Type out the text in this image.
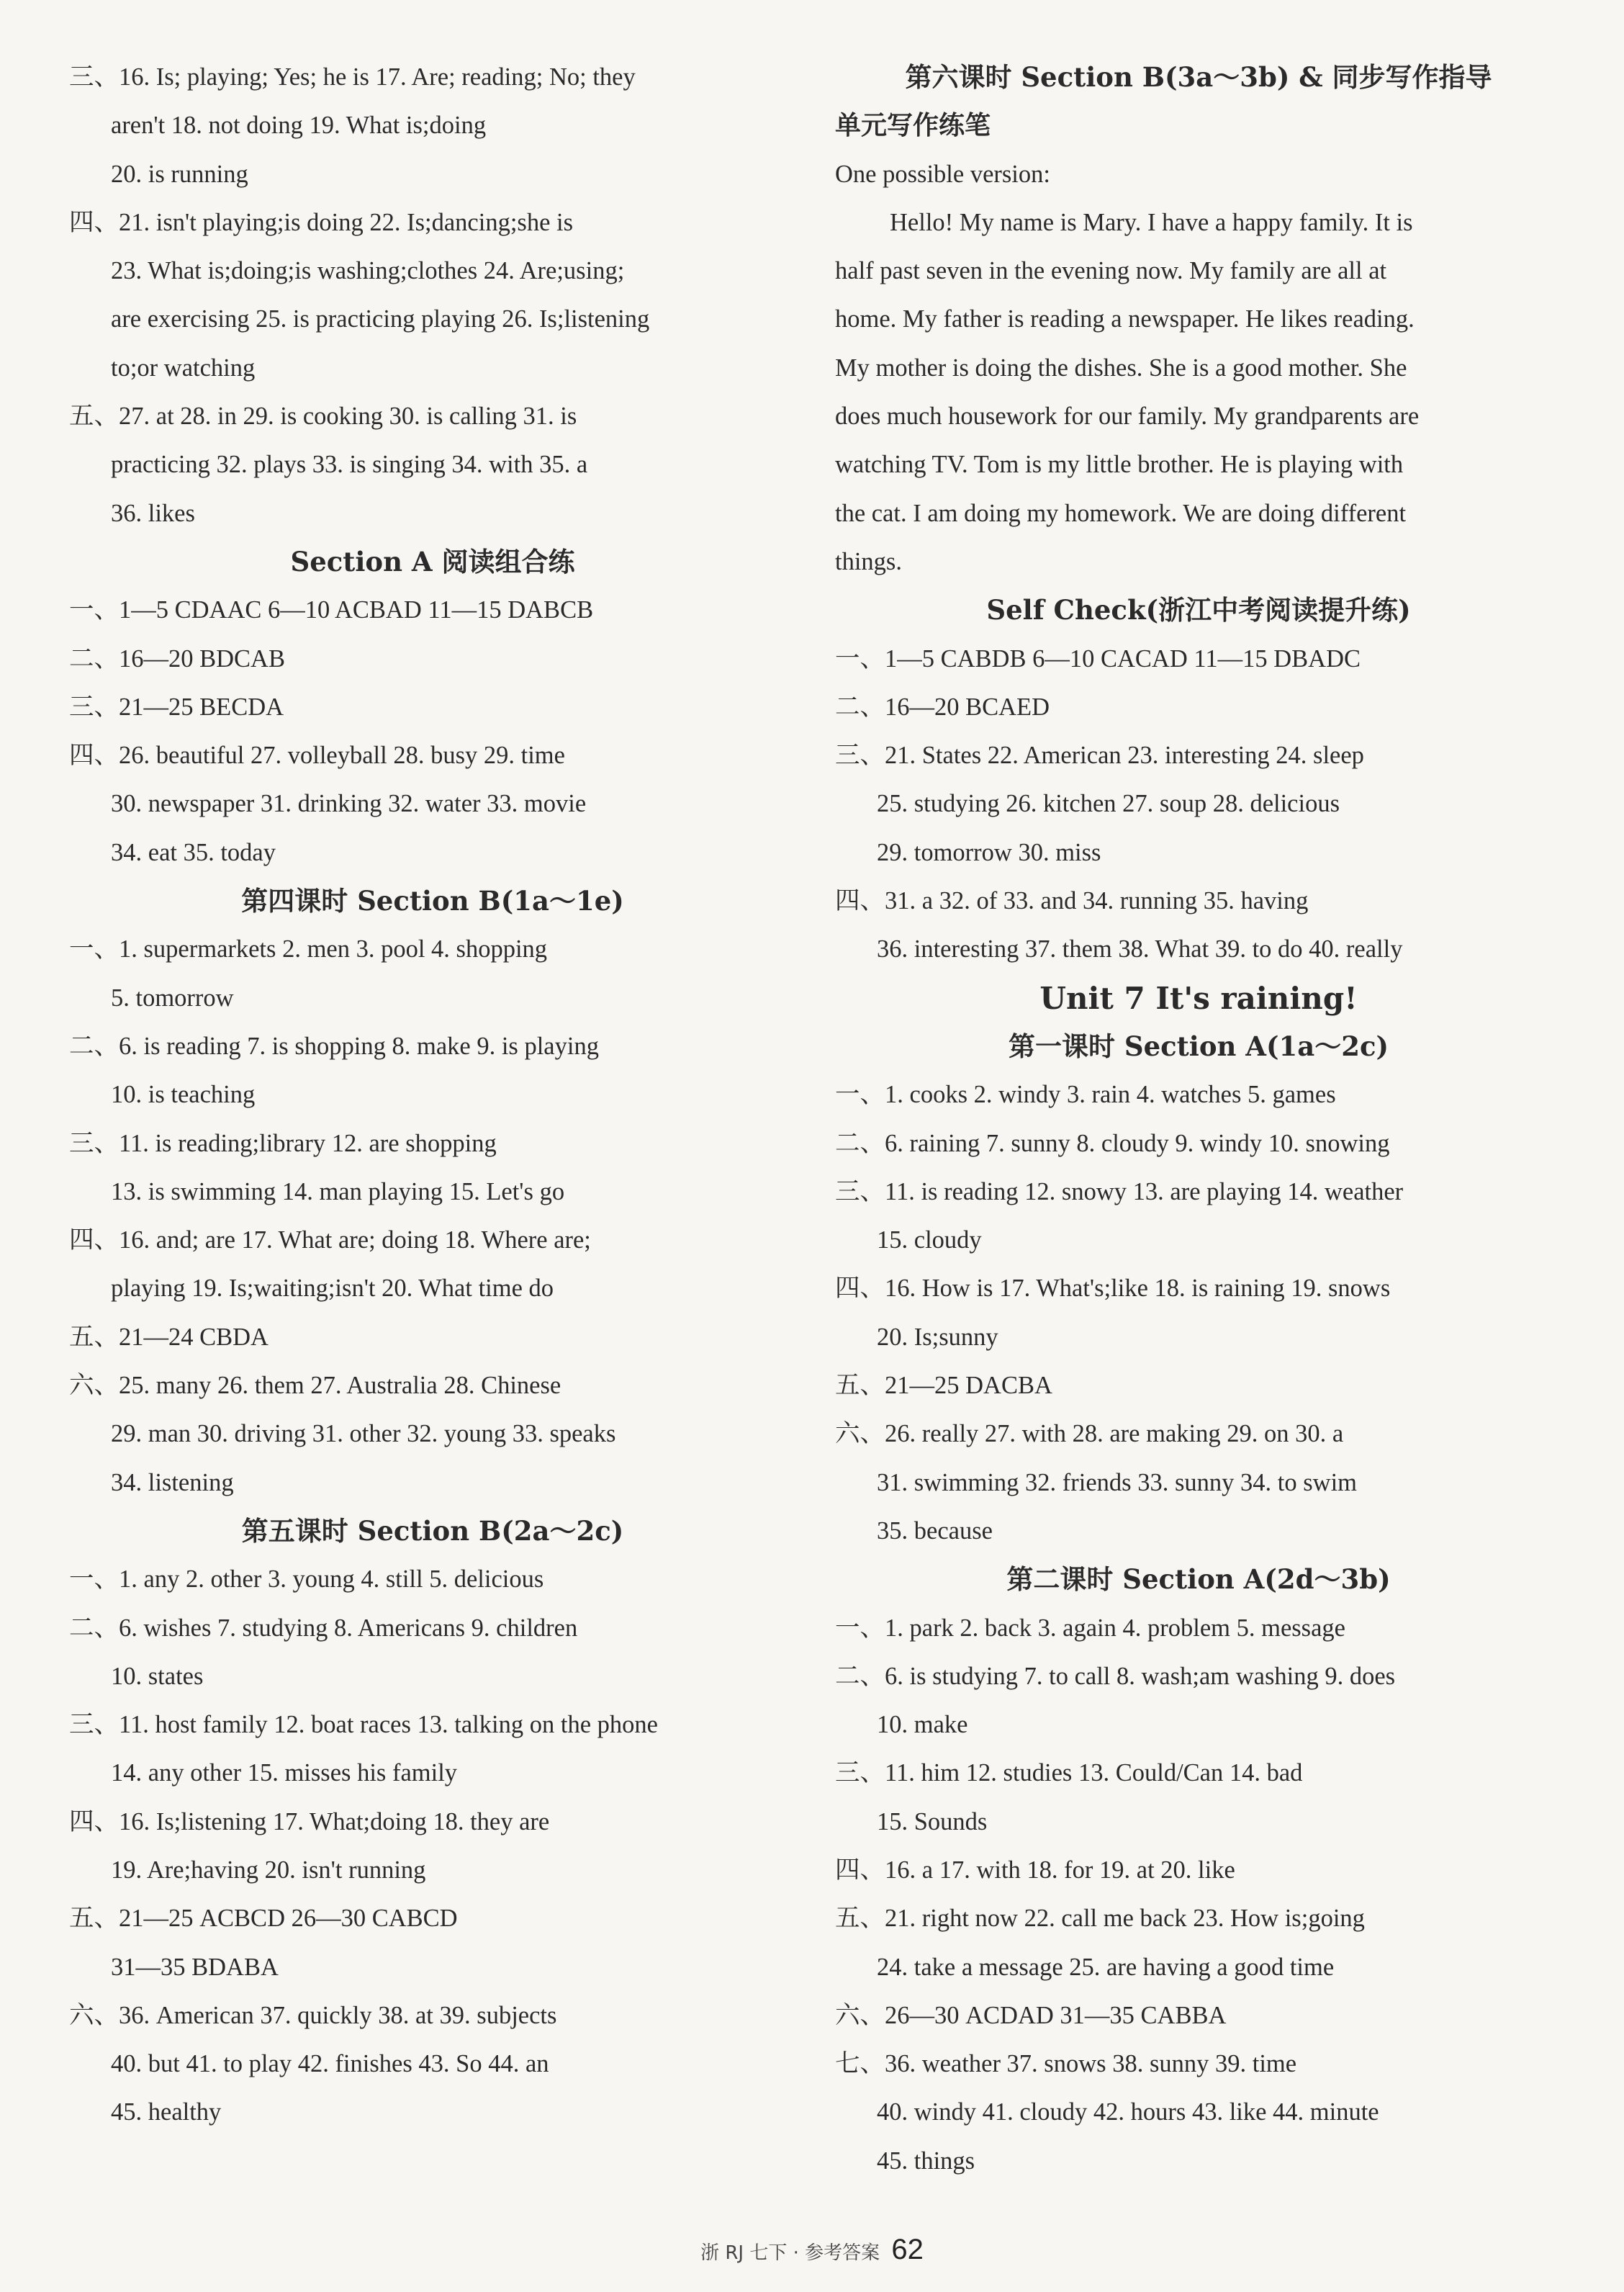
三、16. Is; playing; Yes; he is 17. Are; reading; No; they
aren't 18. not doing 19. What is;doing
20. is running
四、21. isn't playing;is doing 22. Is;dancing;she is
23. What is;doing;is washing;clothes 24. Are;using;
are exercising 25. is practicing playing 26. Is;listening
to;or watching
五、27. at 28. in 29. is cooking 30. is calling 31. is
practicing 32. plays 33. is singing 34. with 35. a
36. likes
Section A 阅读组合练
一、1—5 CDAAC 6—10 ACBAD 11—15 DABCB
二、16—20 BDCAB
三、21—25 BECDA
四、26. beautiful 27. volleyball 28. busy 29. time
30. newspaper 31. drinking 32. water 33. movie
34. eat 35. today
第四课时 Section B(1a～1e)
一、1. supermarkets 2. men 3. pool 4. shopping
5. tomorrow
二、6. is reading 7. is shopping 8. make 9. is playing
10. is teaching
三、11. is reading;library 12. are shopping
13. is swimming 14. man playing 15. Let's go
四、16. and; are 17. What are; doing 18. Where are;
playing 19. Is;waiting;isn't 20. What time do
五、21—24 CBDA
六、25. many 26. them 27. Australia 28. Chinese
29. man 30. driving 31. other 32. young 33. speaks
34. listening
第五课时 Section B(2a～2c)
一、1. any 2. other 3. young 4. still 5. delicious
二、6. wishes 7. studying 8. Americans 9. children
10. states
三、11. host family 12. boat races 13. talking on the phone
14. any other 15. misses his family
四、16. Is;listening 17. What;doing 18. they are
19. Are;having 20. isn't running
五、21—25 ACBCD 26—30 CABCD
31—35 BDABA
六、36. American 37. quickly 38. at 39. subjects
40. but 41. to play 42. finishes 43. So 44. an
45. healthy
第六课时 Section B(3a～3b) & 同步写作指导
单元写作练笔
One possible version:
Hello! My name is Mary. I have a happy family. It is
half past seven in the evening now. My family are all at
home. My father is reading a newspaper. He likes reading.
My mother is doing the dishes. She is a good mother. She
does much housework for our family. My grandparents are
watching TV. Tom is my little brother. He is playing with
the cat. I am doing my homework. We are doing different
things.
Self Check(浙江中考阅读提升练)
一、1—5 CABDB 6—10 CACAD 11—15 DBADC
二、16—20 BCAED
三、21. States 22. American 23. interesting 24. sleep
25. studying 26. kitchen 27. soup 28. delicious
29. tomorrow 30. miss
四、31. a 32. of 33. and 34. running 35. having
36. interesting 37. them 38. What 39. to do 40. really
Unit 7 It's raining!
第一课时 Section A(1a～2c)
一、1. cooks 2. windy 3. rain 4. watches 5. games
二、6. raining 7. sunny 8. cloudy 9. windy 10. snowing
三、11. is reading 12. snowy 13. are playing 14. weather
15. cloudy
四、16. How is 17. What's;like 18. is raining 19. snows
20. Is;sunny
五、21—25 DACBA
六、26. really 27. with 28. are making 29. on 30. a
31. swimming 32. friends 33. sunny 34. to swim
35. because
第二课时 Section A(2d～3b)
一、1. park 2. back 3. again 4. problem 5. message
二、6. is studying 7. to call 8. wash;am washing 9. does
10. make
三、11. him 12. studies 13. Could/Can 14. bad
15. Sounds
四、16. a 17. with 18. for 19. at 20. like
五、21. right now 22. call me back 23. How is;going
24. take a message 25. are having a good time
六、26—30 ACDAD 31—35 CABBA
七、36. weather 37. snows 38. sunny 39. time
40. windy 41. cloudy 42. hours 43. like 44. minute
45. things
浙 RJ 七下 · 参考答案 62
